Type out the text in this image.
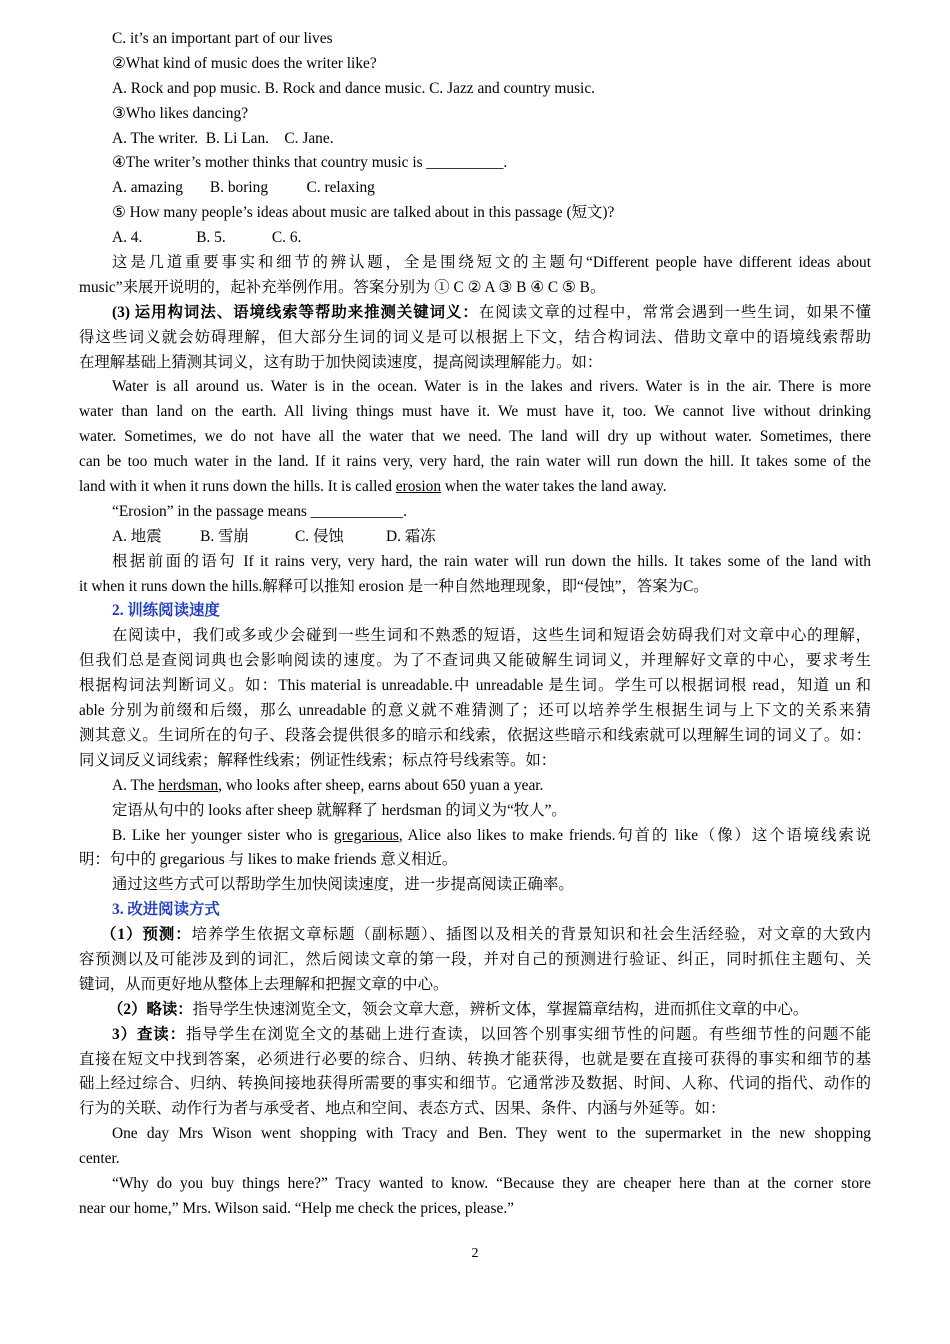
C. it’s an important part of our lives
②What kind of music does the writer like?
A. Rock and pop music. B. Rock and dance music. C. Jazz and country music.
③Who likes dancing?
A. The writer.  B. Li Lan.    C. Jane.
④The writer’s mother thinks that country music is __________.
A. amazing       B. boring          C. relaxing
⑤ How many people’s ideas about music are talked about in this passage (短文)?
A. 4.              B. 5.            C. 6.
这是几道重要事实和细节的辨认题，全是围绕短文的主题句“Different people have different ideas about
music”来展开说明的，起补充举例作用。答案分别为 ① C ② A ③ B ④ C ⑤ B。
(3) 运用构词法、语境线索等帮助来推测关键词义：在阅读文章的过程中，常常会遇到一些生词，如果不懂
得这些词义就会妨碍理解，但大部分生词的词义是可以根据上下文，结合构词法、借助文章中的语境线索帮助
在理解基础上猜测其词义，这有助于加快阅读速度，提高阅读理解能力。如：
Water is all around us. Water is in the ocean. Water is in the lakes and rivers. Water is in the air. There is more
water than land on the earth. All living things must have it. We must have it, too. We cannot live without drinking
water. Sometimes, we do not have all the water that we need. The land will dry up without water. Sometimes, there
can be too much water in the land. If it rains very, very hard, the rain water will run down the hill. It takes some of the
land with it when it runs down the hills. It is called erosion when the water takes the land away.
“Erosion” in the passage means ____________.
A. 地震          B. 雪崩            C. 侵蚀           D. 霜冻
根据前面的语句 If it rains very, very hard, the rain water will run down the hills. It takes some of the land with
it when it runs down the hills.解释可以推知 erosion 是一种自然地理现象，即“侵蚀”，答案为C。
2. 训练阅读速度
在阅读中，我们或多或少会碰到一些生词和不熟悉的短语，这些生词和短语会妨碍我们对文章中心的理解，
但我们总是查阅词典也会影响阅读的速度。为了不查词典又能破解生词词义，并理解好文章的中心，要求考生
根据构词法判断词义。如：This material is unreadable.中 unreadable 是生词。学生可以根据词根 read，知道 un 和
able 分别为前缀和后缀，那么 unreadable 的意义就不难猜测了；还可以培养学生根据生词与上下文的关系来猜
测其意义。生词所在的句子、段落会提供很多的暗示和线索，依据这些暗示和线索就可以理解生词的词义了。如：
同义词反义词线索；解释性线索；例证性线索；标点符号线索等。如：
A. The herdsman, who looks after sheep, earns about 650 yuan a year.
定语从句中的 looks after sheep 就解释了 herdsman 的词义为“牧人”。
B. Like her younger sister who is gregarious, Alice also likes to make friends.句首的 like（像）这个语境线索说
明：句中的 gregarious 与 likes to make friends 意义相近。
通过这些方式可以帮助学生加快阅读速度，进一步提高阅读正确率。
3. 改进阅读方式
（1）预测：培养学生依据文章标题（副标题）、插图以及相关的背景知识和社会生活经验，对文章的大致内
容预测以及可能涉及到的词汇，然后阅读文章的第一段，并对自己的预测进行验证、纠正，同时抓住主题句、关
键词，从而更好地从整体上去理解和把握文章的中心。
（2）略读：指导学生快速浏览全文，领会文章大意，辨析文体，掌握篇章结构，进而抓住文章的中心。
3）查读：指导学生在浏览全文的基础上进行查读，以回答个别事实细节性的问题。有些细节性的问题不能
直接在短文中找到答案，必须进行必要的综合、归纳、转换才能获得，也就是要在直接可获得的事实和细节的基
础上经过综合、归纳、转换间接地获得所需要的事实和细节。它通常涉及数据、时间、人称、代词的指代、动作的
行为的关联、动作行为者与承受者、地点和空间、表态方式、因果、条件、内涵与外延等。如：
One day Mrs Wison went shopping with Tracy and Ben. They went to the supermarket in the new shopping
center.
“Why do you buy things here?” Tracy wanted to know. “Because they are cheaper here than at the corner store
near our home,” Mrs. Wilson said. “Help me check the prices, please.”
2
